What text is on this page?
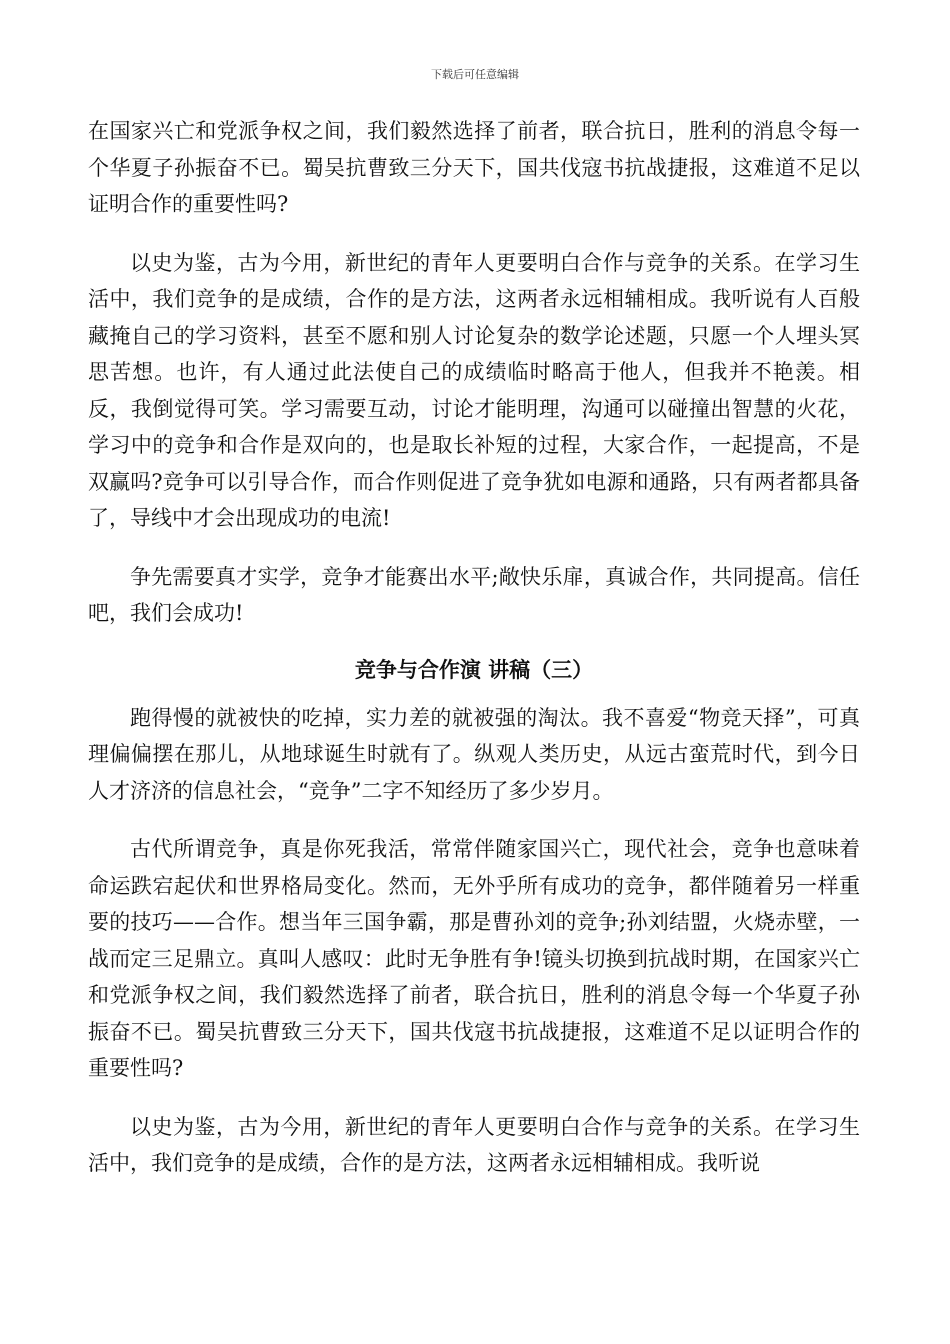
下载后可任意编辑

在国家兴亡和党派争权之间，我们毅然选择了前者，联合抗日，胜利的消息令每一个华夏子孙振奋不已。蜀吴抗曹致三分天下，国共伐寇书抗战捷报，这难道不足以证明合作的重要性吗?

以史为鉴，古为今用，新世纪的青年人更要明白合作与竞争的关系。在学习生活中，我们竞争的是成绩，合作的是方法，这两者永远相辅相成。我听说有人百般藏掩自己的学习资料，甚至不愿和别人讨论复杂的数学论述题，只愿一个人埋头冥思苦想。也许，有人通过此法使自己的成绩临时略高于他人，但我并不艳羡。相反，我倒觉得可笑。学习需要互动，讨论才能明理，沟通可以碰撞出智慧的火花，学习中的竞争和合作是双向的，也是取长补短的过程，大家合作，一起提高，不是双赢吗?竞争可以引导合作，而合作则促进了竞争犹如电源和通路，只有两者都具备了，导线中才会出现成功的电流!

争先需要真才实学，竞争才能赛出水平;敞快乐扉，真诚合作，共同提高。信任吧，我们会成功!

竞争与合作演 讲稿（三）

跑得慢的就被快的吃掉，实力差的就被强的淘汰。我不喜爱“物竞天择”，可真理偏偏摆在那儿，从地球诞生时就有了。纵观人类历史，从远古蛮荒时代，到今日人才济济的信息社会，“竞争”二字不知经历了多少岁月。

古代所谓竞争，真是你死我活，常常伴随家国兴亡，现代社会，竞争也意味着命运跌宕起伏和世界格局变化。然而，无外乎所有成功的竞争，都伴随着另一样重要的技巧——合作。想当年三国争霸，那是曹孙刘的竞争;孙刘结盟，火烧赤壁，一战而定三足鼎立。真叫人感叹：此时无争胜有争!镜头切换到抗战时期，在国家兴亡和党派争权之间，我们毅然选择了前者，联合抗日，胜利的消息令每一个华夏子孙振奋不已。蜀吴抗曹致三分天下，国共伐寇书抗战捷报，这难道不足以证明合作的重要性吗?

以史为鉴，古为今用，新世纪的青年人更要明白合作与竞争的关系。在学习生活中，我们竞争的是成绩，合作的是方法，这两者永远相辅相成。我听说
